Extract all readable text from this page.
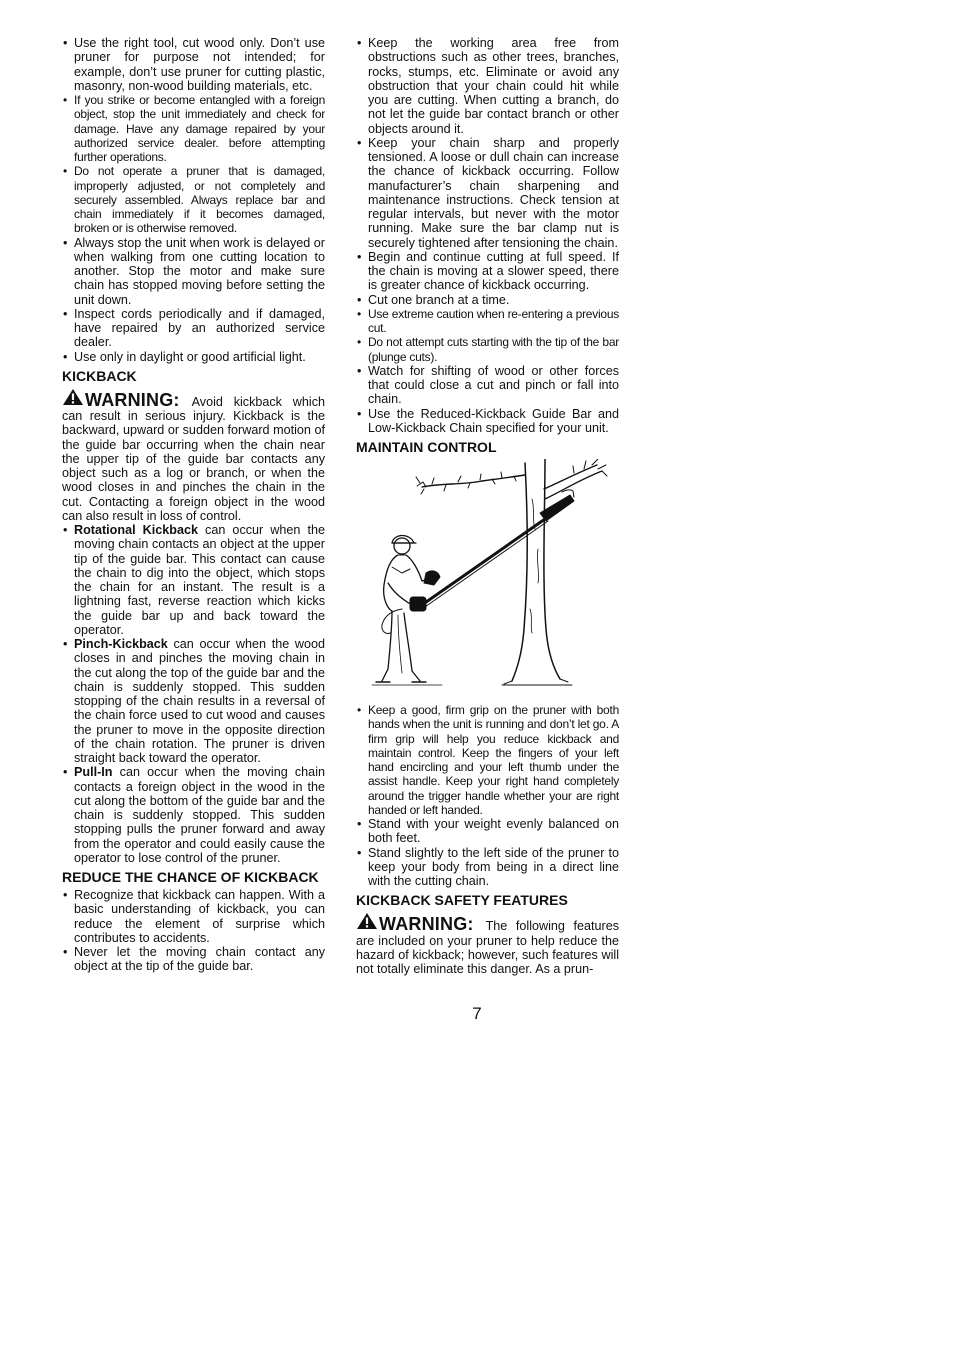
• Use the right tool, cut wood only. Don’t use pruner for purpose not intended; for example, don’t use pruner for cutting plastic, masonry, non-wood building materials, etc.
• If you strike or become entangled with a foreign object, stop the unit immediately and check for damage. Have any damage repaired by your authorized service dealer. before attempting further operations.
• Do not operate a pruner that is damaged, improperly adjusted, or not completely and securely assembled. Always replace bar and chain immediately if it becomes damaged, broken or is otherwise removed.
• Always stop the unit when work is delayed or when walking from one cutting location to another. Stop the motor and make sure chain has stopped moving before setting the unit down.
• Inspect cords periodically and if damaged, have repaired by an authorized service dealer.
• Use only in daylight or good artificial light.
KICKBACK
WARNING: Avoid kickback which can result in serious injury. Kickback is the backward, upward or sudden forward motion of the guide bar occurring when the chain near the upper tip of the guide bar contacts any object such as a log or branch, or when the wood closes in and pinches the chain in the cut. Contacting a foreign object in the wood can also result in loss of control.
• Rotational Kickback can occur when the moving chain contacts an object at the upper tip of the guide bar. This contact can cause the chain to dig into the object, which stops the chain for an instant. The result is a lightning fast, reverse reaction which kicks the guide bar up and back toward the operator.
• Pinch-Kickback can occur when the wood closes in and pinches the moving chain in the cut along the top of the guide bar and the chain is suddenly stopped. This sudden stopping of the chain results in a reversal of the chain force used to cut wood and causes the pruner to move in the opposite direction of the chain rotation. The pruner is driven straight back toward the operator.
• Pull-In can occur when the moving chain contacts a foreign object in the wood in the cut along the bottom of the guide bar and the chain is suddenly stopped. This sudden stopping pulls the pruner forward and away from the operator and could easily cause the operator to lose control of the pruner.
REDUCE THE CHANCE OF KICKBACK
• Recognize that kickback can happen. With a basic understanding of kickback, you can reduce the element of surprise which contributes to accidents.
• Never let the moving chain contact any object at the tip of the guide bar.
• Keep the working area free from obstructions such as other trees, branches, rocks, stumps, etc. Eliminate or avoid any obstruction that your chain could hit while you are cutting. When cutting a branch, do not let the guide bar contact branch or other objects around it.
• Keep your chain sharp and properly tensioned. A loose or dull chain can increase the chance of kickback occurring. Follow manufacturer’s chain sharpening and maintenance instructions. Check tension at regular intervals, but never with the motor running. Make sure the bar clamp nut is securely tightened after tensioning the chain.
• Begin and continue cutting at full speed. If the chain is moving at a slower speed, there is greater chance of kickback occurring.
• Cut one branch at a time.
• Use extreme caution when re-entering a previous cut.
• Do not attempt cuts starting with the tip of the bar (plunge cuts).
• Watch for shifting of wood or other forces that could close a cut and pinch or fall into chain.
• Use the Reduced-Kickback Guide Bar and Low-Kickback Chain specified for your unit.
MAINTAIN CONTROL
• Keep a good, firm grip on the pruner with both hands when the unit is running and don’t let go. A firm grip will help you reduce kickback and maintain control. Keep the fingers of your left hand encircling and your left thumb under the assist handle. Keep your right hand completely around the trigger handle whether your are right handed or left handed.
• Stand with your weight evenly balanced on both feet.
• Stand slightly to the left side of the pruner to keep your body from being in a direct line with the cutting chain.
KICKBACK SAFETY FEATURES
WARNING: The following features are included on your pruner to help reduce the hazard of kickback; however, such features will not totally eliminate this danger. As a prun-
7
